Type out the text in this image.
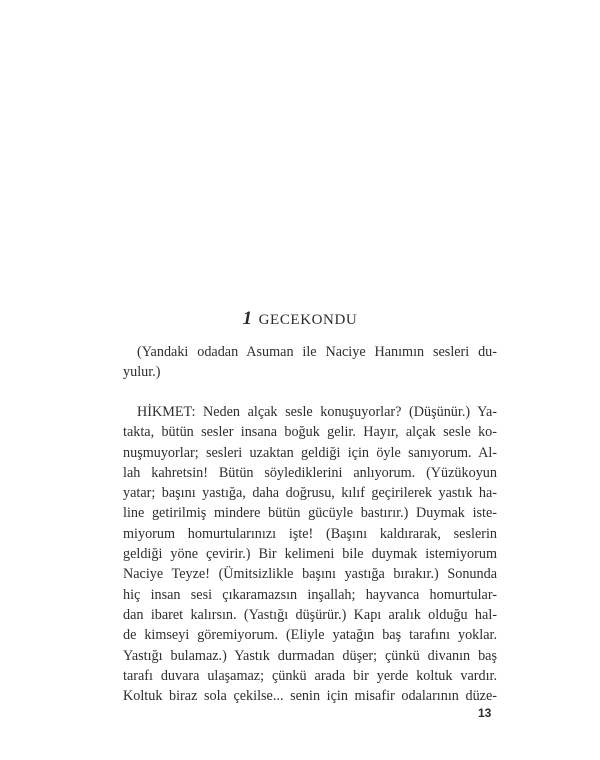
1 GECEKONDU
(Yandaki odadan Asuman ile Naciye Hanımın sesleri du-
yulur.)
HİKMET: Neden alçak sesle konuşuyorlar? (Düşünür.) Ya-
takta, bütün sesler insana boğuk gelir. Hayır, alçak sesle ko-
nuşmuyorlar; sesleri uzaktan geldiği için öyle sanıyorum. Al-
lah kahretsin! Bütün söylediklerini anlıyorum. (Yüzükoyun
yatar; başını yastığa, daha doğrusu, kılıf geçirilerek yastık ha-
line getirilmiş mindere bütün gücüyle bastırır.) Duymak iste-
miyorum homurtularınızı işte! (Başını kaldırarak, seslerin
geldiği yöne çevirir.) Bir kelimeni bile duymak istemiyorum
Naciye Teyze! (Ümitsizlikle başını yastığa bırakır.) Sonunda
hiç insan sesi çıkaramazsın inşallah; hayvanca homurtular-
dan ibaret kalırsın. (Yastığı düşürür.) Kapı aralık olduğu hal-
de kimseyi göremiyorum. (Eliyle yatağın baş tarafını yoklar.
Yastığı bulamaz.) Yastık durmadan düşer; çünkü divanın baş
tarafı duvara ulaşamaz; çünkü arada bir yerde koltuk vardır.
Koltuk biraz sola çekilse... senin için misafir odalarının düze-
13
